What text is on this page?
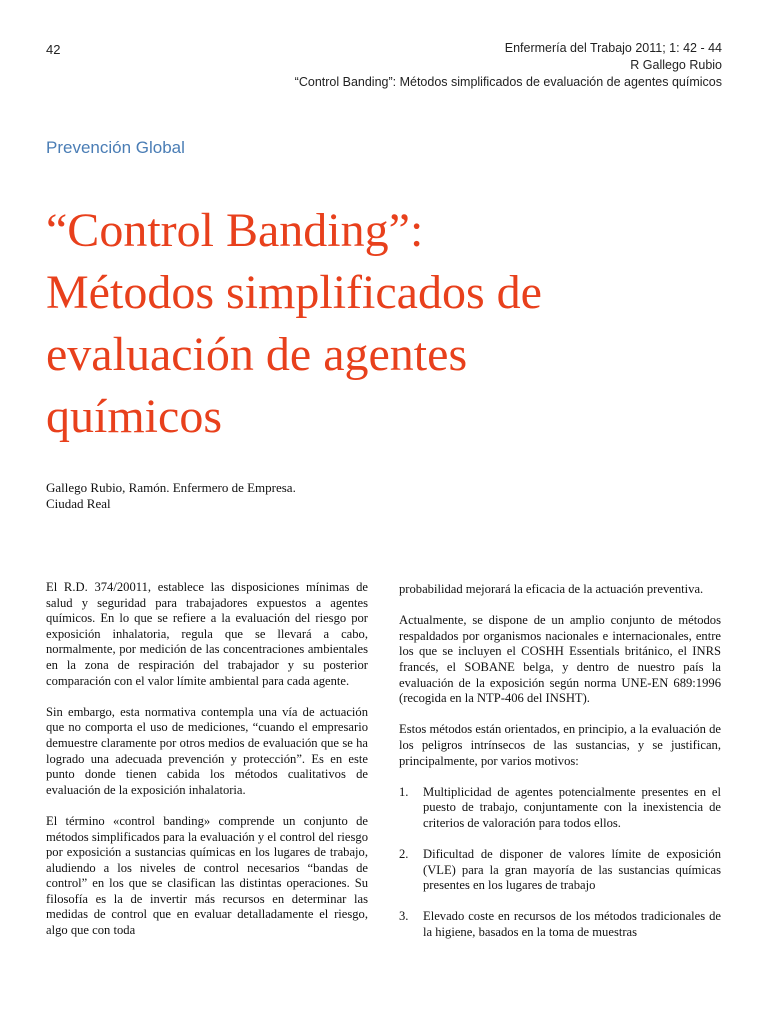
42	Enfermería del Trabajo 2011; 1: 42 - 44
R Gallego Rubio
“Control Banding”: Métodos simplificados de evaluación de agentes químicos
Prevención Global
“Control Banding”:
Métodos simplificados de
evaluación de agentes
químicos
Gallego Rubio, Ramón. Enfermero de Empresa.
Ciudad Real

El R.D. 374/20011, establece las disposiciones mínimas de salud y seguridad para trabajadores expuestos a agentes químicos. En lo que se refiere a la evaluación del riesgo por exposición inhalatoria, regula que se llevará a cabo, normalmente, por medición de las concentraciones ambientales en la zona de respiración del trabajador y su posterior comparación con el valor límite ambiental para cada agente.

Sin embargo, esta normativa contempla una vía de actuación que no comporta el uso de mediciones, “cuando el empresario demuestre claramente por otros medios de evaluación que se ha logrado una adecuada prevención y protección”. Es en este punto donde tienen cabida los métodos cualitativos de evaluación de la exposición inhalatoria.

El término «control banding» comprende un conjunto de métodos simplificados para la evaluación y el control del riesgo por exposición a sustancias químicas en los lugares de trabajo, aludiendo a los niveles de control necesarios “bandas de control” en los que se clasifican las distintas operaciones. Su filosofía es la de invertir más recursos en determinar las medidas de control que en evaluar detalladamente el riesgo, algo que con toda

probabilidad mejorará la eficacia de la actuación preventiva.

Actualmente, se dispone de un amplio conjunto de métodos respaldados por organismos nacionales e internacionales, entre los que se incluyen el COSHH Essentials británico, el INRS francés, el SOBANE belga, y dentro de nuestro país la evaluación de la exposición según norma UNE-EN 689:1996 (recogida en la NTP-406 del INSHT).

Estos métodos están orientados, en principio, a la evaluación de los peligros intrínsecos de las sustancias, y se justifican, principalmente, por varios motivos:

1. Multiplicidad de agentes potencialmente presentes en el puesto de trabajo, conjuntamente con la inexistencia de criterios de valoración para todos ellos.
2. Dificultad de disponer de valores límite de exposición (VLE) para la gran mayoría de las sustancias químicas presentes en los lugares de trabajo
3. Elevado coste en recursos de los métodos tradicionales de la higiene, basados en la toma de muestras
